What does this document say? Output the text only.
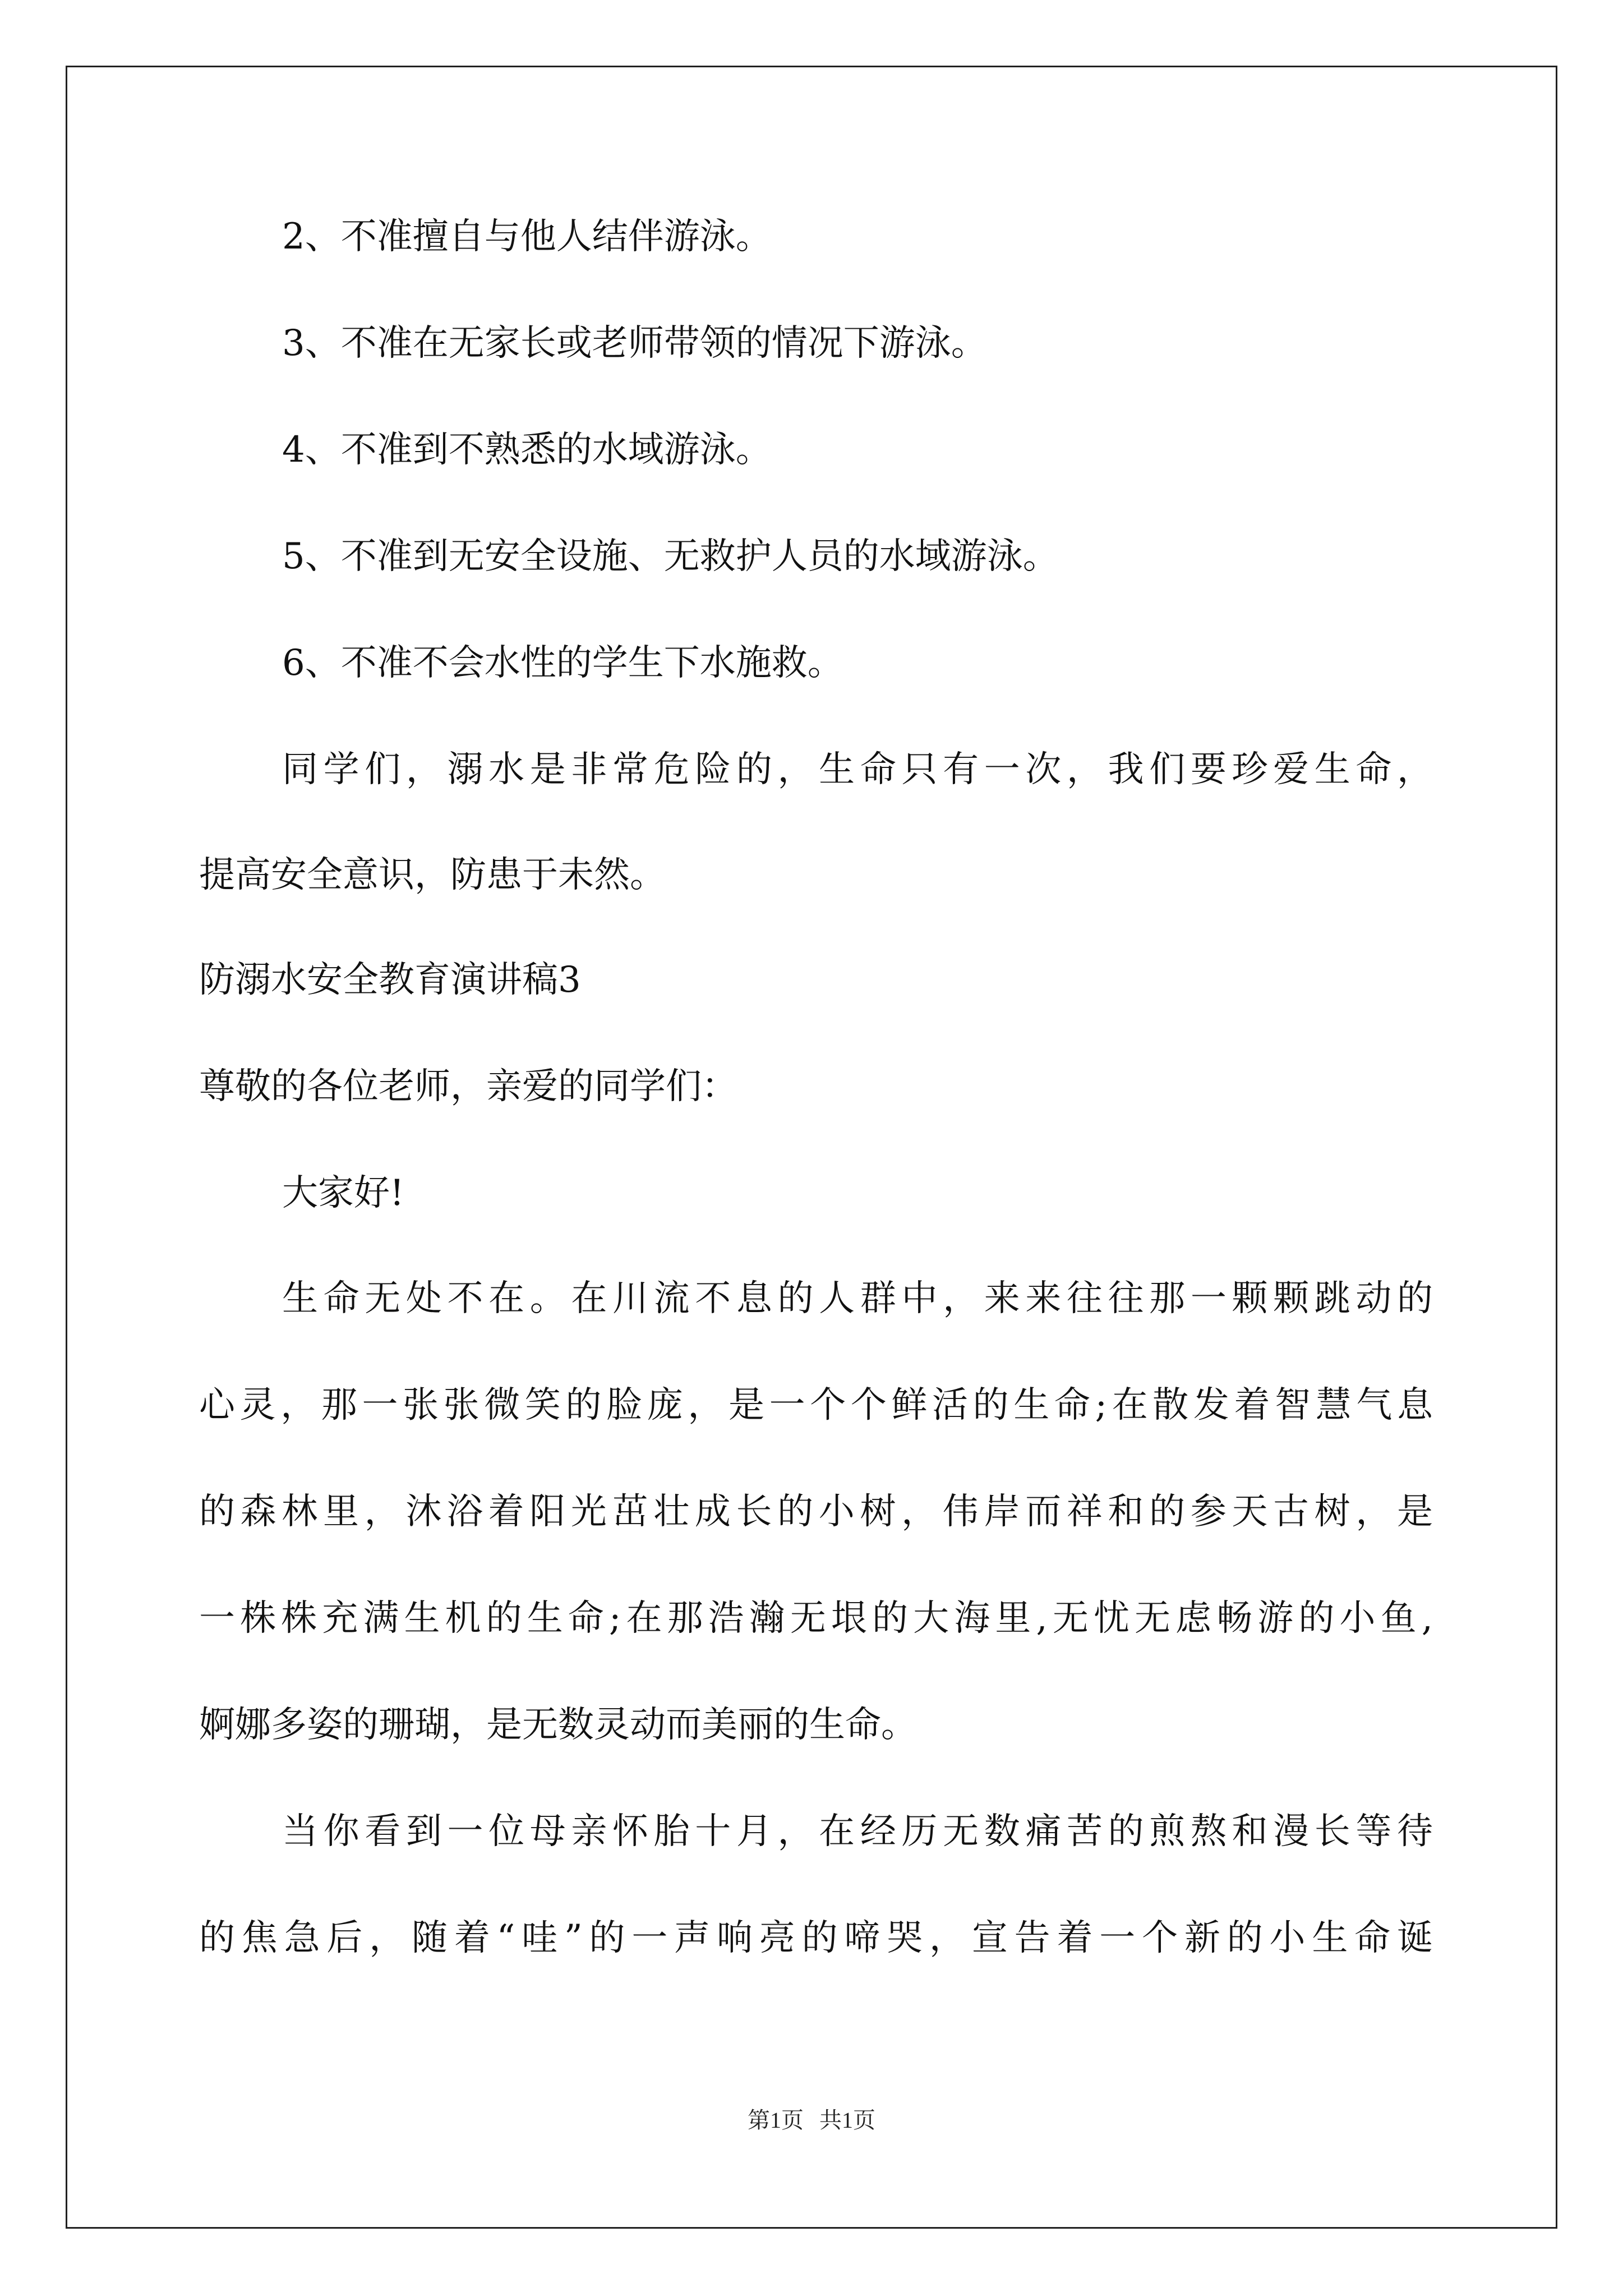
2、不准擅自与他人结伴游泳。
3、不准在无家长或老师带领的情况下游泳。
4、不准到不熟悉的水域游泳。
5、不准到无安全设施、无救护人员的水域游泳。
6、不准不会水性的学生下水施救。
同学们，溺水是非常危险的，生命只有一次，我们要珍爱生命，
提高安全意识，防患于未然。
防溺水安全教育演讲稿3
尊敬的各位老师，亲爱的同学们：
大家好!
生命无处不在。在川流不息的人群中，来来往往那一颗颗跳动的
心灵，那一张张微笑的脸庞，是一个个鲜活的生命;在散发着智慧气息
的森林里，沐浴着阳光茁壮成长的小树，伟岸而祥和的参天古树，是
一株株充满生机的生命;在那浩瀚无垠的大海里,无忧无虑畅游的小鱼,
婀娜多姿的珊瑚，是无数灵动而美丽的生命。
当你看到一位母亲怀胎十月，在经历无数痛苦的煎熬和漫长等待
的焦急后，随着“哇”的一声响亮的啼哭，宣告着一个新的小生命诞
第1页 共1页
